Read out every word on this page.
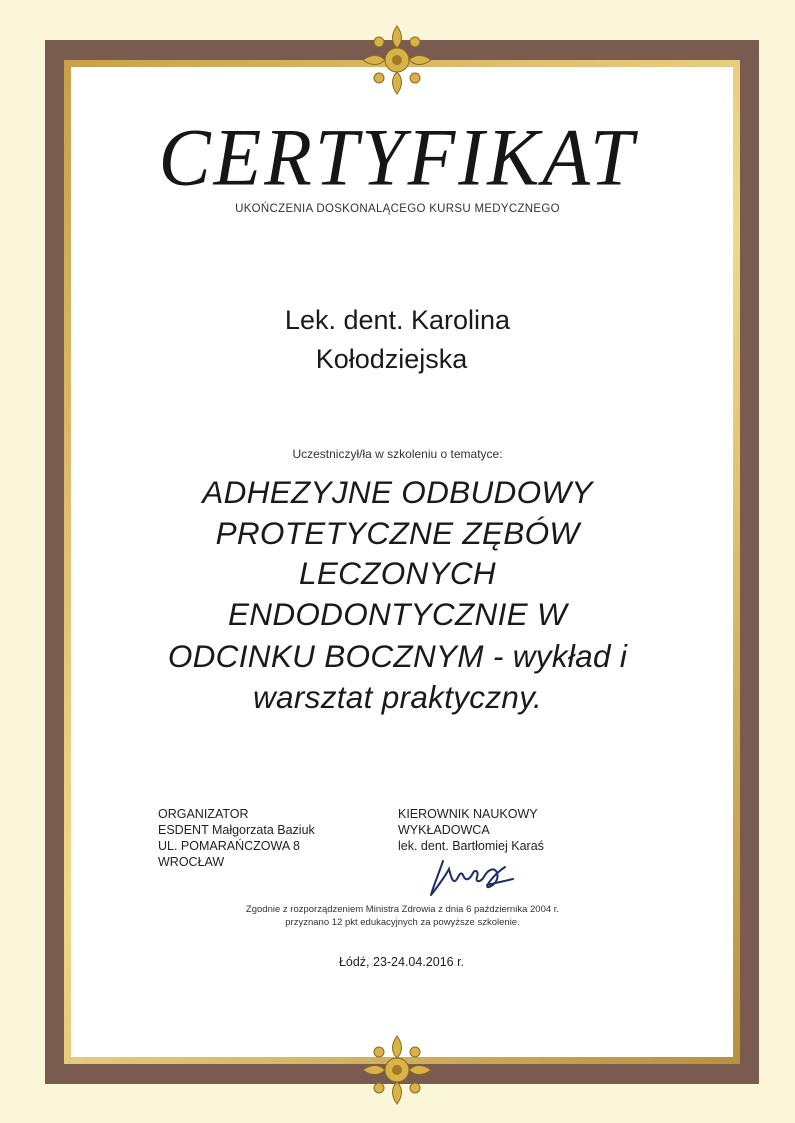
CERTYFIKAT
UKOŃCZENIA DOSKONALĄCEGO KURSU MEDYCZNEGO
Lek. dent. Karolina
Kołodziejska
Uczestniczył/ła w szkoleniu o tematyce:
ADHEZYJNE ODBUDOWY
PROTETYCZNE ZĘBÓW
LECZONYCH
ENDODONTYCZNIE W
ODCINKU BOCZNYM - wykład i
warsztat praktyczny.
ORGANIZATOR
ESDENT Małgorzata Baziuk
UL. POMARAŃCZOWA 8
WROCŁAW
KIEROWNIK NAUKOWY
WYKŁADOWCA
lek. dent. Bartłomiej Karaś
Zgodnie z rozporządzeniem Ministra Zdrowia z dnia 6 października 2004 r.
przyznano 12 pkt edukacyjnych za powyższe szkolenie.
Łódź, 23-24.04.2016 r.
